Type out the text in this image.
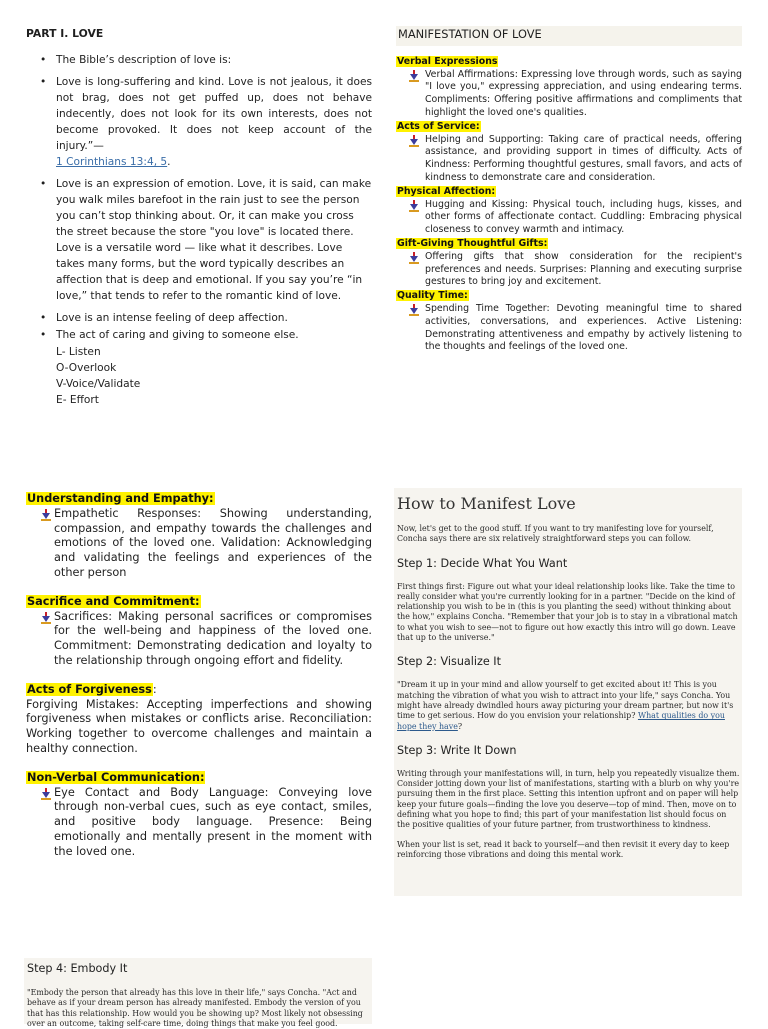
PART I. LOVE
• The Bible’s description of love is:
• Love is long-suffering and kind. Love is not jealous, it does not brag, does not get puffed up, does not behave indecently, does not look for its own interests, does not become provoked. It does not keep account of the injury.”—
1 Corinthians 13:4, 5.
• Love is an expression of emotion. Love, it is said, can make you walk miles barefoot in the rain just to see the person you can’t stop thinking about. Or, it can make you cross the street because the store "you love" is located there. Love is a versatile word — like what it describes. Love takes many forms, but the word typically describes an affection that is deep and emotional. If you say you’re “in love,” that tends to refer to the romantic kind of love.
• Love is an intense feeling of deep affection.
• The act of caring and giving to someone else.
L- Listen
O-Overlook
V-Voice/Validate
E- Effort
MANIFESTATION OF LOVE
Verbal Expressions
Verbal Affirmations: Expressing love through words, such as saying "I love you," expressing appreciation, and using endearing terms. Compliments: Offering positive affirmations and compliments that highlight the loved one's qualities.
Acts of Service:
Helping and Supporting: Taking care of practical needs, offering assistance, and providing support in times of difficulty. Acts of Kindness: Performing thoughtful gestures, small favors, and acts of kindness to demonstrate care and consideration.
Physical Affection:
Hugging and Kissing: Physical touch, including hugs, kisses, and other forms of affectionate contact. Cuddling: Embracing physical closeness to convey warmth and intimacy.
Gift-Giving Thoughtful Gifts:
Offering gifts that show consideration for the recipient's preferences and needs. Surprises: Planning and executing surprise gestures to bring joy and excitement.
Quality Time:
Spending Time Together: Devoting meaningful time to shared activities, conversations, and experiences. Active Listening: Demonstrating attentiveness and empathy by actively listening to the thoughts and feelings of the loved one.
Understanding and Empathy:
Empathetic Responses: Showing understanding, compassion, and empathy towards the challenges and emotions of the loved one. Validation: Acknowledging and validating the feelings and experiences of the other person
Sacrifice and Commitment:
Sacrifices: Making personal sacrifices or compromises for the well-being and happiness of the loved one. Commitment: Demonstrating dedication and loyalty to the relationship through ongoing effort and fidelity.
Acts of Forgiveness:
Forgiving Mistakes: Accepting imperfections and showing forgiveness when mistakes or conflicts arise. Reconciliation: Working together to overcome challenges and maintain a healthy connection.
Non-Verbal Communication:
Eye Contact and Body Language: Conveying love through non-verbal cues, such as eye contact, smiles, and positive body language. Presence: Being emotionally and mentally present in the moment with the loved one.
How to Manifest Love

Now, let's get to the good stuff. If you want to try manifesting love for yourself, Concha says there are six relatively straightforward steps you can follow.

Step 1: Decide What You Want

First things first: Figure out what your ideal relationship looks like. Take the time to really consider what you're currently looking for in a partner. "Decide on the kind of relationship you wish to be in (this is you planting the seed) without thinking about the how," explains Concha. "Remember that your job is to stay in a vibrational match to what you wish to see—not to figure out how exactly this intro will go down. Leave that up to the universe."

Step 2: Visualize It

"Dream it up in your mind and allow yourself to get excited about it! This is you matching the vibration of what you wish to attract into your life," says Concha. You might have already dwindled hours away picturing your dream partner, but now it's time to get serious. How do you envision your relationship? What qualities do you hope they have?

Step 3: Write It Down

Writing through your manifestations will, in turn, help you repeatedly visualize them. Consider jotting down your list of manifestations, starting with a blurb on why you're pursuing them in the first place. Setting this intention upfront and on paper will help keep your future goals—finding the love you deserve—top of mind. Then, move on to defining what you hope to find; this part of your manifestation list should focus on the positive qualities of your future partner, from trustworthiness to kindness.

When your list is set, read it back to yourself—and then revisit it every day to keep reinforcing those vibrations and doing this mental work.

Step 4: Embody It

"Embody the person that already has this love in their life," says Concha. "Act and behave as if your dream person has already manifested. Embody the version of you that has this relationship. How would you be showing up? Most likely not obsessing over an outcome, taking self-care time, doing things that make you feel good.
